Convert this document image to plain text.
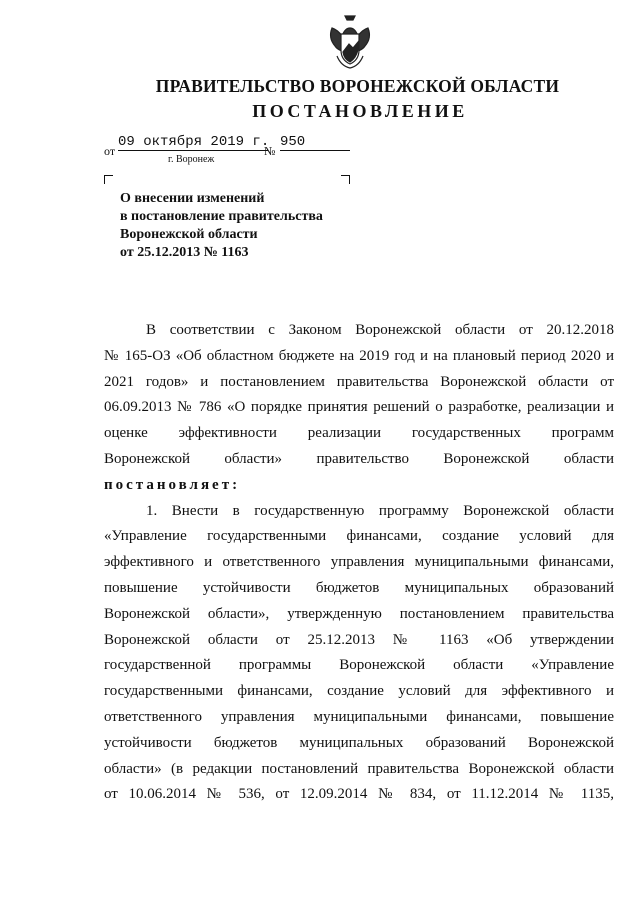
ПРАВИТЕЛЬСТВО ВОРОНЕЖСКОЙ ОБЛАСТИ
ПОСТАНОВЛЕНИЕ
от
09 октября 2019 г.
№
950
г. Воронеж
О внесении изменений
в постановление правительства
Воронежской области
от 25.12.2013 № 1163
В соответствии с Законом Воронежской области от 20.12.2018
№ 165-ОЗ «Об областном бюджете на 2019 год и на плановый период 2020 и
2021 годов» и постановлением правительства Воронежской области от
06.09.2013 № 786 «О порядке принятия решений о разработке, реализации и
оценке эффективности реализации государственных программ
Воронежской области» правительство Воронежской области
постановляет:
1. Внести в государственную программу Воронежской области
«Управление государственными финансами, создание условий для
эффективного и ответственного управления муниципальными финансами,
повышение устойчивости бюджетов муниципальных образований
Воронежской области», утвержденную постановлением правительства
Воронежской области от 25.12.2013 № 1163 «Об утверждении
государственной программы Воронежской области «Управление
государственными финансами, создание условий для эффективного и
ответственного управления муниципальными финансами, повышение
устойчивости бюджетов муниципальных образований Воронежской
области» (в редакции постановлений правительства Воронежской области
от 10.06.2014 № 536, от 12.09.2014 № 834, от 11.12.2014 № 1135,
